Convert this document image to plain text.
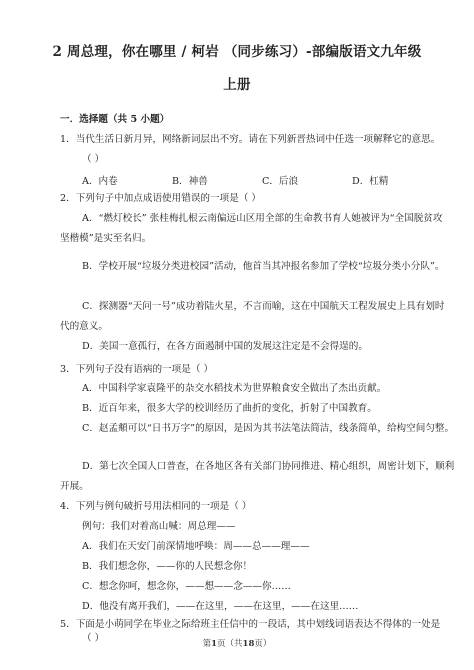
2 周总理，你在哪里 / 柯岩 （同步练习）-部编版语文九年级
上册
一．选择题（共 5 小题）
1．当代生活日新月异，网络新词层出不穷。请在下列新晋热词中任选一项解释它的意思。
（ ）
A．内卷	B．神兽	C．后浪	D．杠精
2．下列句子中加点成语使用错误的一项是（ ）
A．“燃灯校长” 张桂梅扎根云南偏远山区用全部的生命教书育人她被评为“全国脱贫攻
坚楷模”是实至名归。
B．学校开展“垃圾分类进校园”活动，他首当其冲报名参加了学校“垃圾分类小分队”。
C．探测器“天问一号”成功着陆火星，不言而喻，这在中国航天工程发展史上具有划时
代的意义。
D．美国一意孤行，在各方面遏制中国的发展这注定是不会得逞的。
3．下列句子没有语病的一项是（ ）
A．中国科学家袁隆平的杂交水稻技术为世界粮食安全做出了杰出贡献。
B．近百年来，很多大学的校训经历了曲折的变化，折射了中国教育。
C．赵孟頫可以“日书万字”的原因，是因为其书法笔法简洁，线条简单，给构空间匀整。
D．第七次全国人口普查，在各地区各有关部门协同推进、精心组织，周密计划下，顺利
开展。
4．下列与例句破折号用法相同的一项是（ ）
例句：我们对着高山喊：周总理——
A．我们在天安门前深情地呼唤：周——总——理——
B．我们想念你，——你的人民想念你！
C．想念你呵，想念你，——想——念——你……
D．他没有离开我们，——在这里，——在这里，——在这里……
5．下面是小萌同学在毕业之际给班主任信中的一段话，其中划线词语表达不得体的一处是
（ ）	第1页（共18页）
